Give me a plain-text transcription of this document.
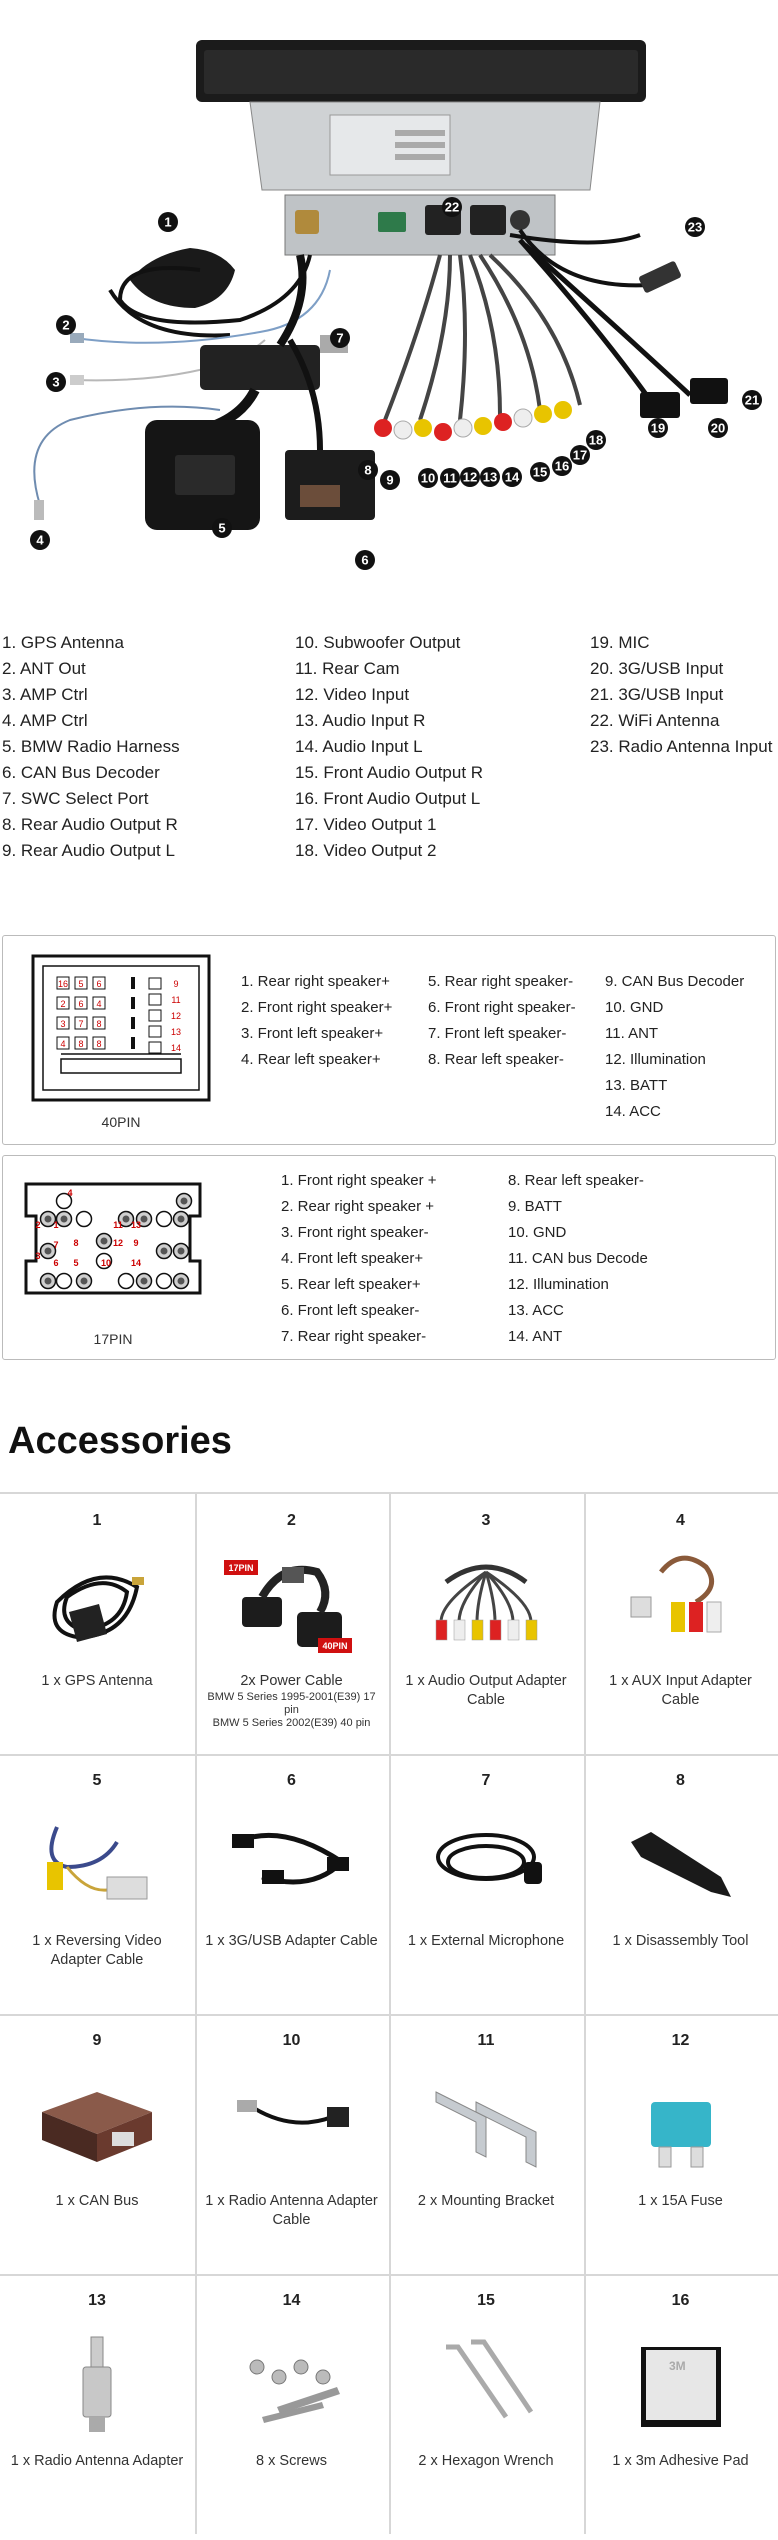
1
2
3
4
5
6
7
8
9 10 11 12 13 14 15 16
17
18
19	20
21
22
23
1. GPS Antenna
2. ANT Out
3. AMP Ctrl
4. AMP Ctrl
5. BMW Radio Harness
6. CAN Bus Decoder
7. SWC Select Port
8. Rear Audio Output R
9. Rear Audio Output L
10. Subwoofer Output
11. Rear Cam
12. Video Input
13. Audio Input R
14. Audio Input L
15. Front Audio Output R
16. Front Audio Output L
17. Video Output 1
18. Video Output 2
19. MIC
20. 3G/USB Input
21. 3G/USB Input
22. WiFi Antenna
23. Radio Antenna Input
16 5 6
2 6 4
3 7 8
4 8 8
9
11
12
13
14
40PIN
1. Rear right speaker+
2. Front right speaker+
3. Front left speaker+
4. Rear left speaker+
5. Rear right speaker-
6. Front right speaker-
7. Front left speaker-
8. Rear left speaker-
9. CAN Bus Decoder
10. GND
11. ANT
12. Illumination
13. BATT
14. ACC
4
2 1
3
8
7
6 5 10
13
11
12 9
14
17PIN
1. Front right speaker +
2. Rear right speaker +
3. Front right speaker-
4. Front left speaker+
5. Rear left speaker+
6. Front left speaker-
7. Rear right speaker-
8. Rear left speaker-
9. BATT
10. GND
11. CAN bus Decode
12. Illumination
13. ACC
14. ANT
Accessories
1
1 x GPS Antenna
2
17PIN
40PIN
2x Power Cable
BMW 5 Series 1995-2001(E39) 17 pin
BMW 5 Series 2002(E39) 40 pin
3
1 x Audio Output Adapter Cable
4
1 x AUX Input Adapter Cable
5
1 x Reversing Video Adapter Cable
6
1 x 3G/USB Adapter Cable
7
1 x External Microphone
8
1 x Disassembly Tool
9
1 x CAN Bus
10
1 x Radio Antenna Adapter Cable
11
2 x Mounting Bracket
12
1 x 15A Fuse
13
1 x Radio Antenna Adapter
14
8 x Screws
15
2 x Hexagon Wrench
16
3M
1 x 3m Adhesive Pad
